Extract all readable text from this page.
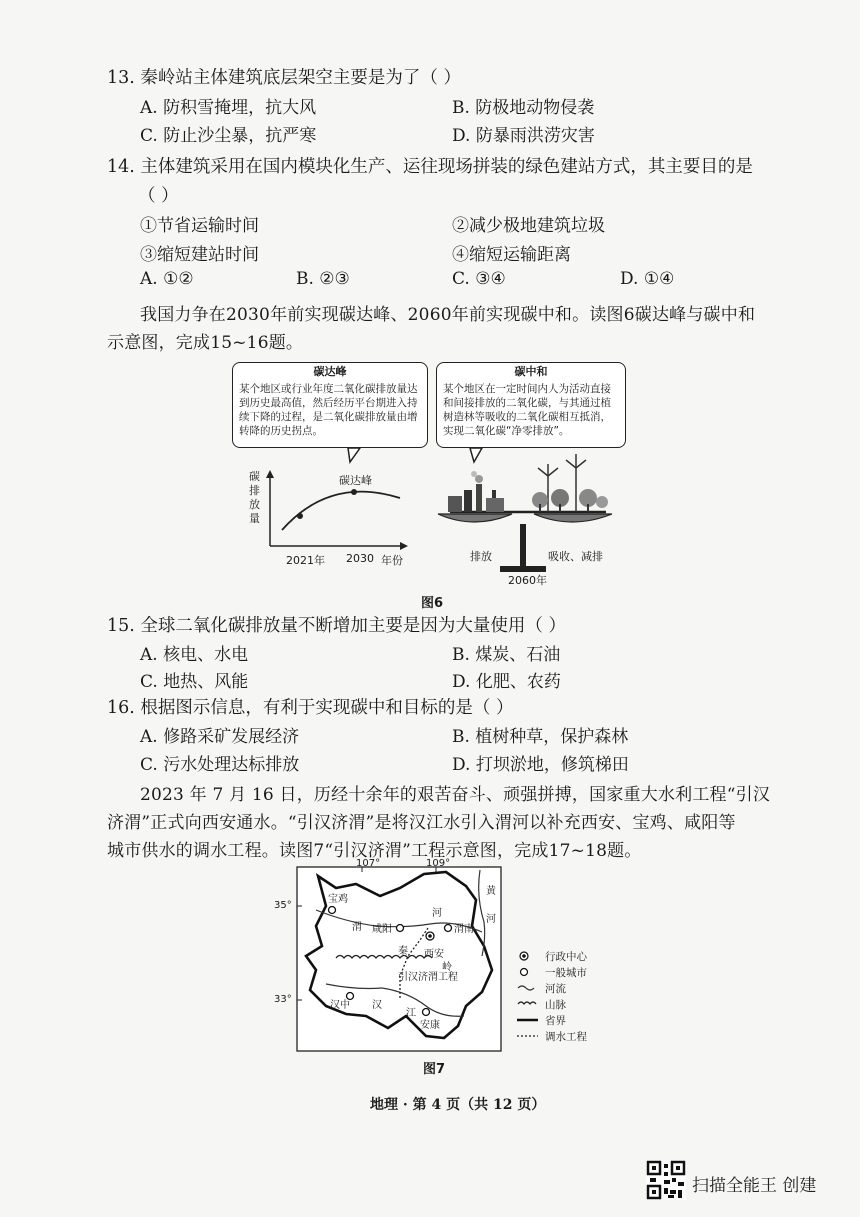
13. 秦岭站主体建筑底层架空主要是为了（ ）
A. 防积雪掩埋，抗大风	B. 防极地动物侵袭
C. 防止沙尘暴，抗严寒	D. 防暴雨洪涝灾害
14. 主体建筑采用在国内模块化生产、运往现场拼装的绿色建站方式，其主要目的是
（ ）
①节省运输时间	②减少极地建筑垃圾
③缩短建站时间	④缩短运输距离
A. ①②	B. ②③	C. ③④	D. ①④
我国力争在2030年前实现碳达峰、2060年前实现碳中和。读图6碳达峰与碳中和
示意图，完成15~16题。
碳达峰
某个地区或行业年度二氧化碳排放量达到历史最高值，然后经历平台期进入持续下降的过程，是二氧化碳排放量由增转降的历史拐点。
碳中和
某个地区在一定时间内人为活动直接和间接排放的二氧化碳，与其通过植树造林等吸收的二氧化碳相互抵消，实现二氧化碳“净零排放”。
碳
排
放
量
碳达峰
2021年 2030 年份	排放	吸收、减排
2060年
图6
15. 全球二氧化碳排放量不断增加主要是因为大量使用（ ）
A. 核电、水电	B. 煤炭、石油
C. 地热、风能	D. 化肥、农药
16. 根据图示信息，有利于实现碳中和目标的是（ ）
A. 修路采矿发展经济	B. 植树种草，保护森林
C. 污水处理达标排放	D. 打坝淤地，修筑梯田
2023 年 7 月 16 日，历经十余年的艰苦奋斗、顽强拼搏，国家重大水利工程“引汉
济渭”正式向西安通水。“引汉济渭”是将汉江水引入渭河以补充西安、宝鸡、咸阳等
城市供水的调水工程。读图7“引汉济渭”工程示意图，完成17~18题。
107°	109°
35°
33°
宝鸡
咸阳
西安
渭南
汉中
安康
渭
河
黄
河
汉
江
秦
岭
引汉济渭工程
行政中心
一般城市
河流
山脉
省界
调水工程
图7
地理 · 第 4 页（共 12 页）
扫描全能王 创建
